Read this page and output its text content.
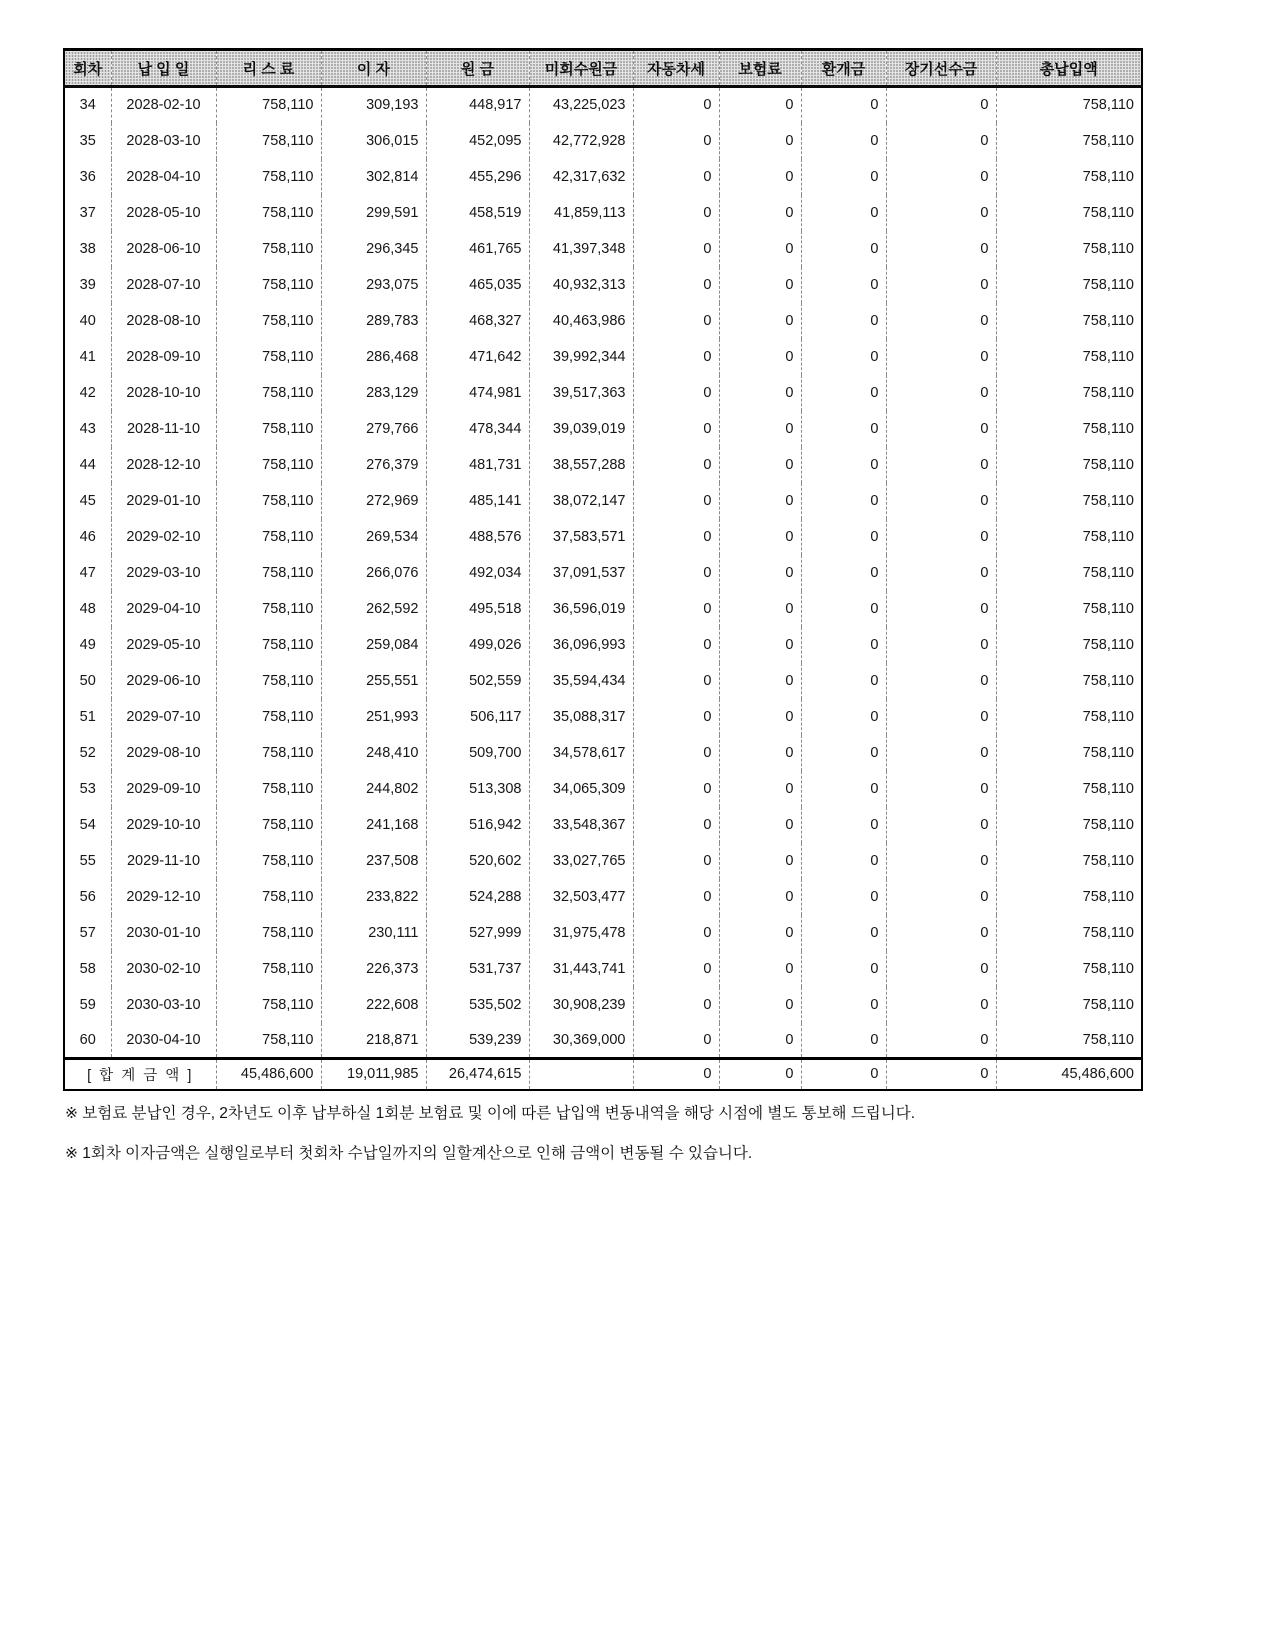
회차	납 입 일	리 스 료	이 자	원 금	미회수원금	자동차세	보험료	환개금	장기선수금	총납입액
34	2028-02-10	758,110	309,193	448,917	43,225,023	0	0	0	0	758,110
35	2028-03-10	758,110	306,015	452,095	42,772,928	0	0	0	0	758,110
36	2028-04-10	758,110	302,814	455,296	42,317,632	0	0	0	0	758,110
37	2028-05-10	758,110	299,591	458,519	41,859,113	0	0	0	0	758,110
38	2028-06-10	758,110	296,345	461,765	41,397,348	0	0	0	0	758,110
39	2028-07-10	758,110	293,075	465,035	40,932,313	0	0	0	0	758,110
40	2028-08-10	758,110	289,783	468,327	40,463,986	0	0	0	0	758,110
41	2028-09-10	758,110	286,468	471,642	39,992,344	0	0	0	0	758,110
42	2028-10-10	758,110	283,129	474,981	39,517,363	0	0	0	0	758,110
43	2028-11-10	758,110	279,766	478,344	39,039,019	0	0	0	0	758,110
44	2028-12-10	758,110	276,379	481,731	38,557,288	0	0	0	0	758,110
45	2029-01-10	758,110	272,969	485,141	38,072,147	0	0	0	0	758,110
46	2029-02-10	758,110	269,534	488,576	37,583,571	0	0	0	0	758,110
47	2029-03-10	758,110	266,076	492,034	37,091,537	0	0	0	0	758,110
48	2029-04-10	758,110	262,592	495,518	36,596,019	0	0	0	0	758,110
49	2029-05-10	758,110	259,084	499,026	36,096,993	0	0	0	0	758,110
50	2029-06-10	758,110	255,551	502,559	35,594,434	0	0	0	0	758,110
51	2029-07-10	758,110	251,993	506,117	35,088,317	0	0	0	0	758,110
52	2029-08-10	758,110	248,410	509,700	34,578,617	0	0	0	0	758,110
53	2029-09-10	758,110	244,802	513,308	34,065,309	0	0	0	0	758,110
54	2029-10-10	758,110	241,168	516,942	33,548,367	0	0	0	0	758,110
55	2029-11-10	758,110	237,508	520,602	33,027,765	0	0	0	0	758,110
56	2029-12-10	758,110	233,822	524,288	32,503,477	0	0	0	0	758,110
57	2030-01-10	758,110	230,111	527,999	31,975,478	0	0	0	0	758,110
58	2030-02-10	758,110	226,373	531,737	31,443,741	0	0	0	0	758,110
59	2030-03-10	758,110	222,608	535,502	30,908,239	0	0	0	0	758,110
60	2030-04-10	758,110	218,871	539,239	30,369,000	0	0	0	0	758,110
[ 합 계 금 액 ]		45,486,600	19,011,985	26,474,615		0	0	0	0	45,486,600

※ 보험료 분납인 경우, 2차년도 이후 납부하실 1회분 보험료 및 이에 따른 납입액 변동내역을 해당 시점에 별도 통보해 드립니다.

※ 1회차 이자금액은 실행일로부터 첫회차 수납일까지의 일할계산으로 인해 금액이 변동될 수 있습니다.
